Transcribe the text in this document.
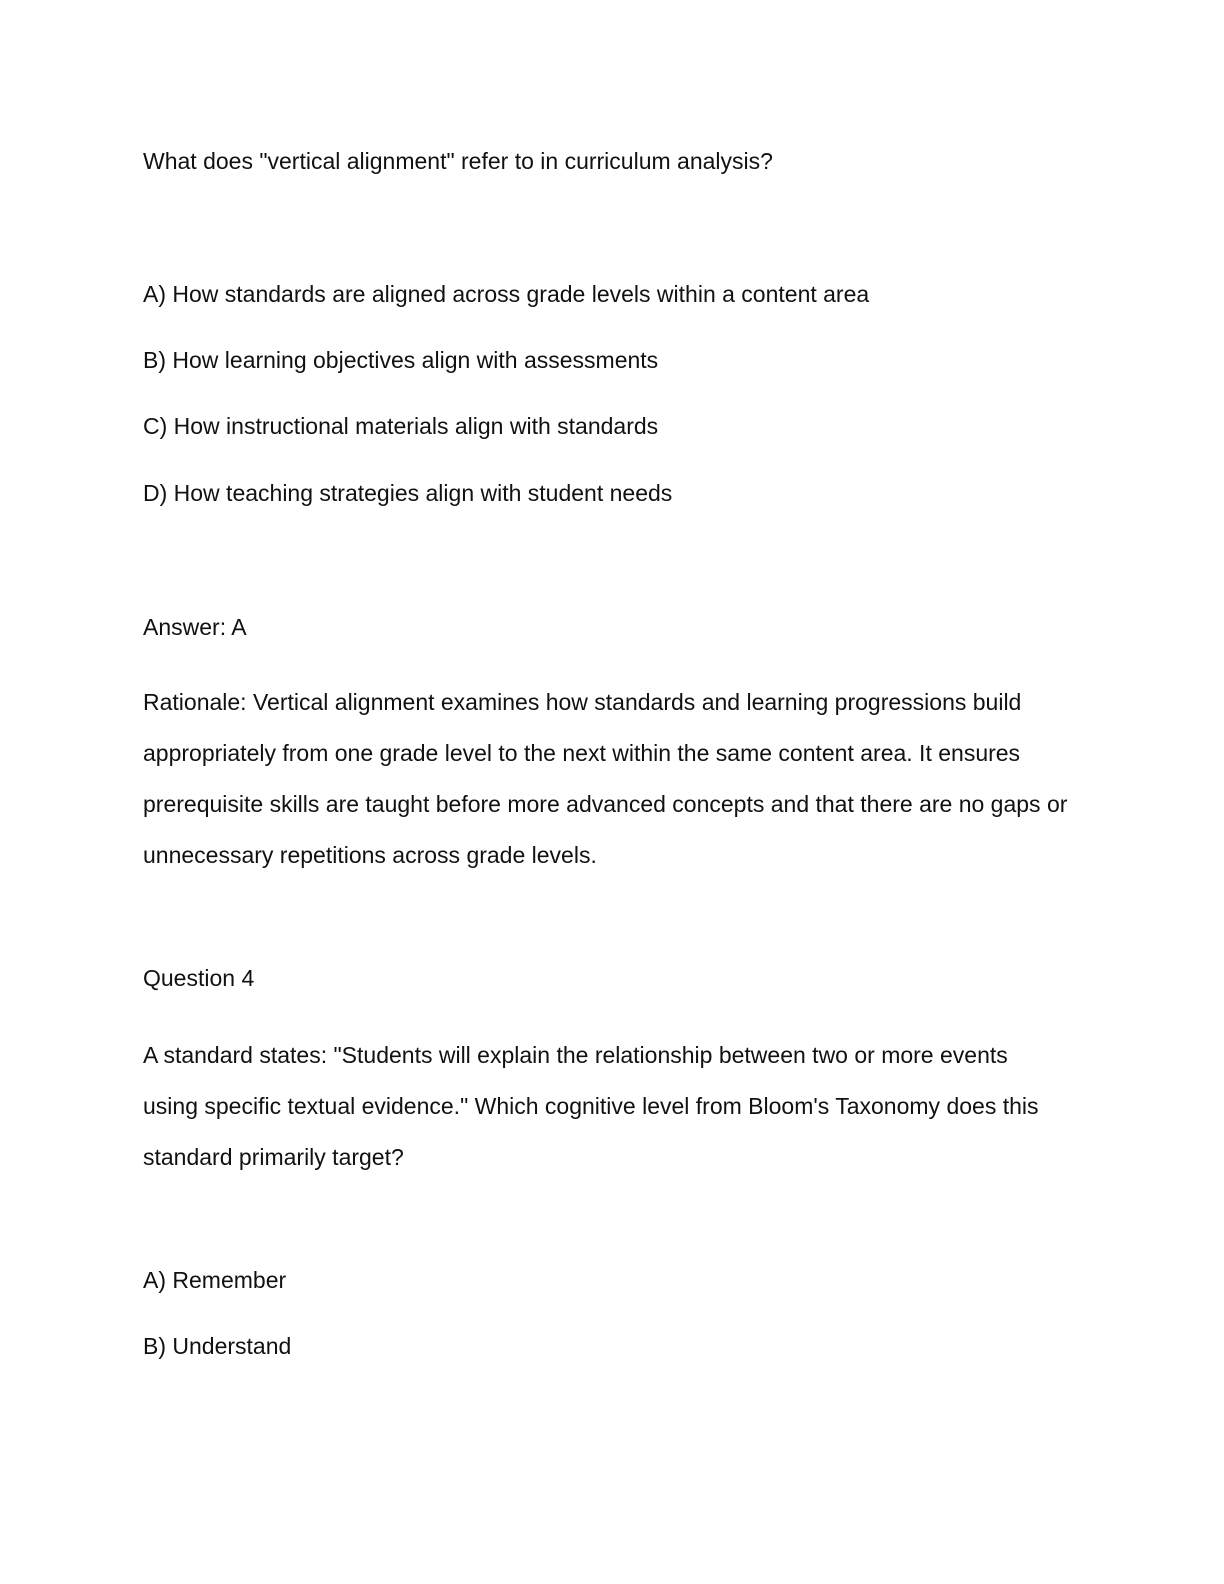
What does "vertical alignment" refer to in curriculum analysis?

A) How standards are aligned across grade levels within a content area

B) How learning objectives align with assessments

C) How instructional materials align with standards

D) How teaching strategies align with student needs

Answer: A

Rationale: Vertical alignment examines how standards and learning progressions build appropriately from one grade level to the next within the same content area. It ensures prerequisite skills are taught before more advanced concepts and that there are no gaps or unnecessary repetitions across grade levels.

Question 4

A standard states: "Students will explain the relationship between two or more events using specific textual evidence." Which cognitive level from Bloom's Taxonomy does this standard primarily target?

A) Remember

B) Understand
